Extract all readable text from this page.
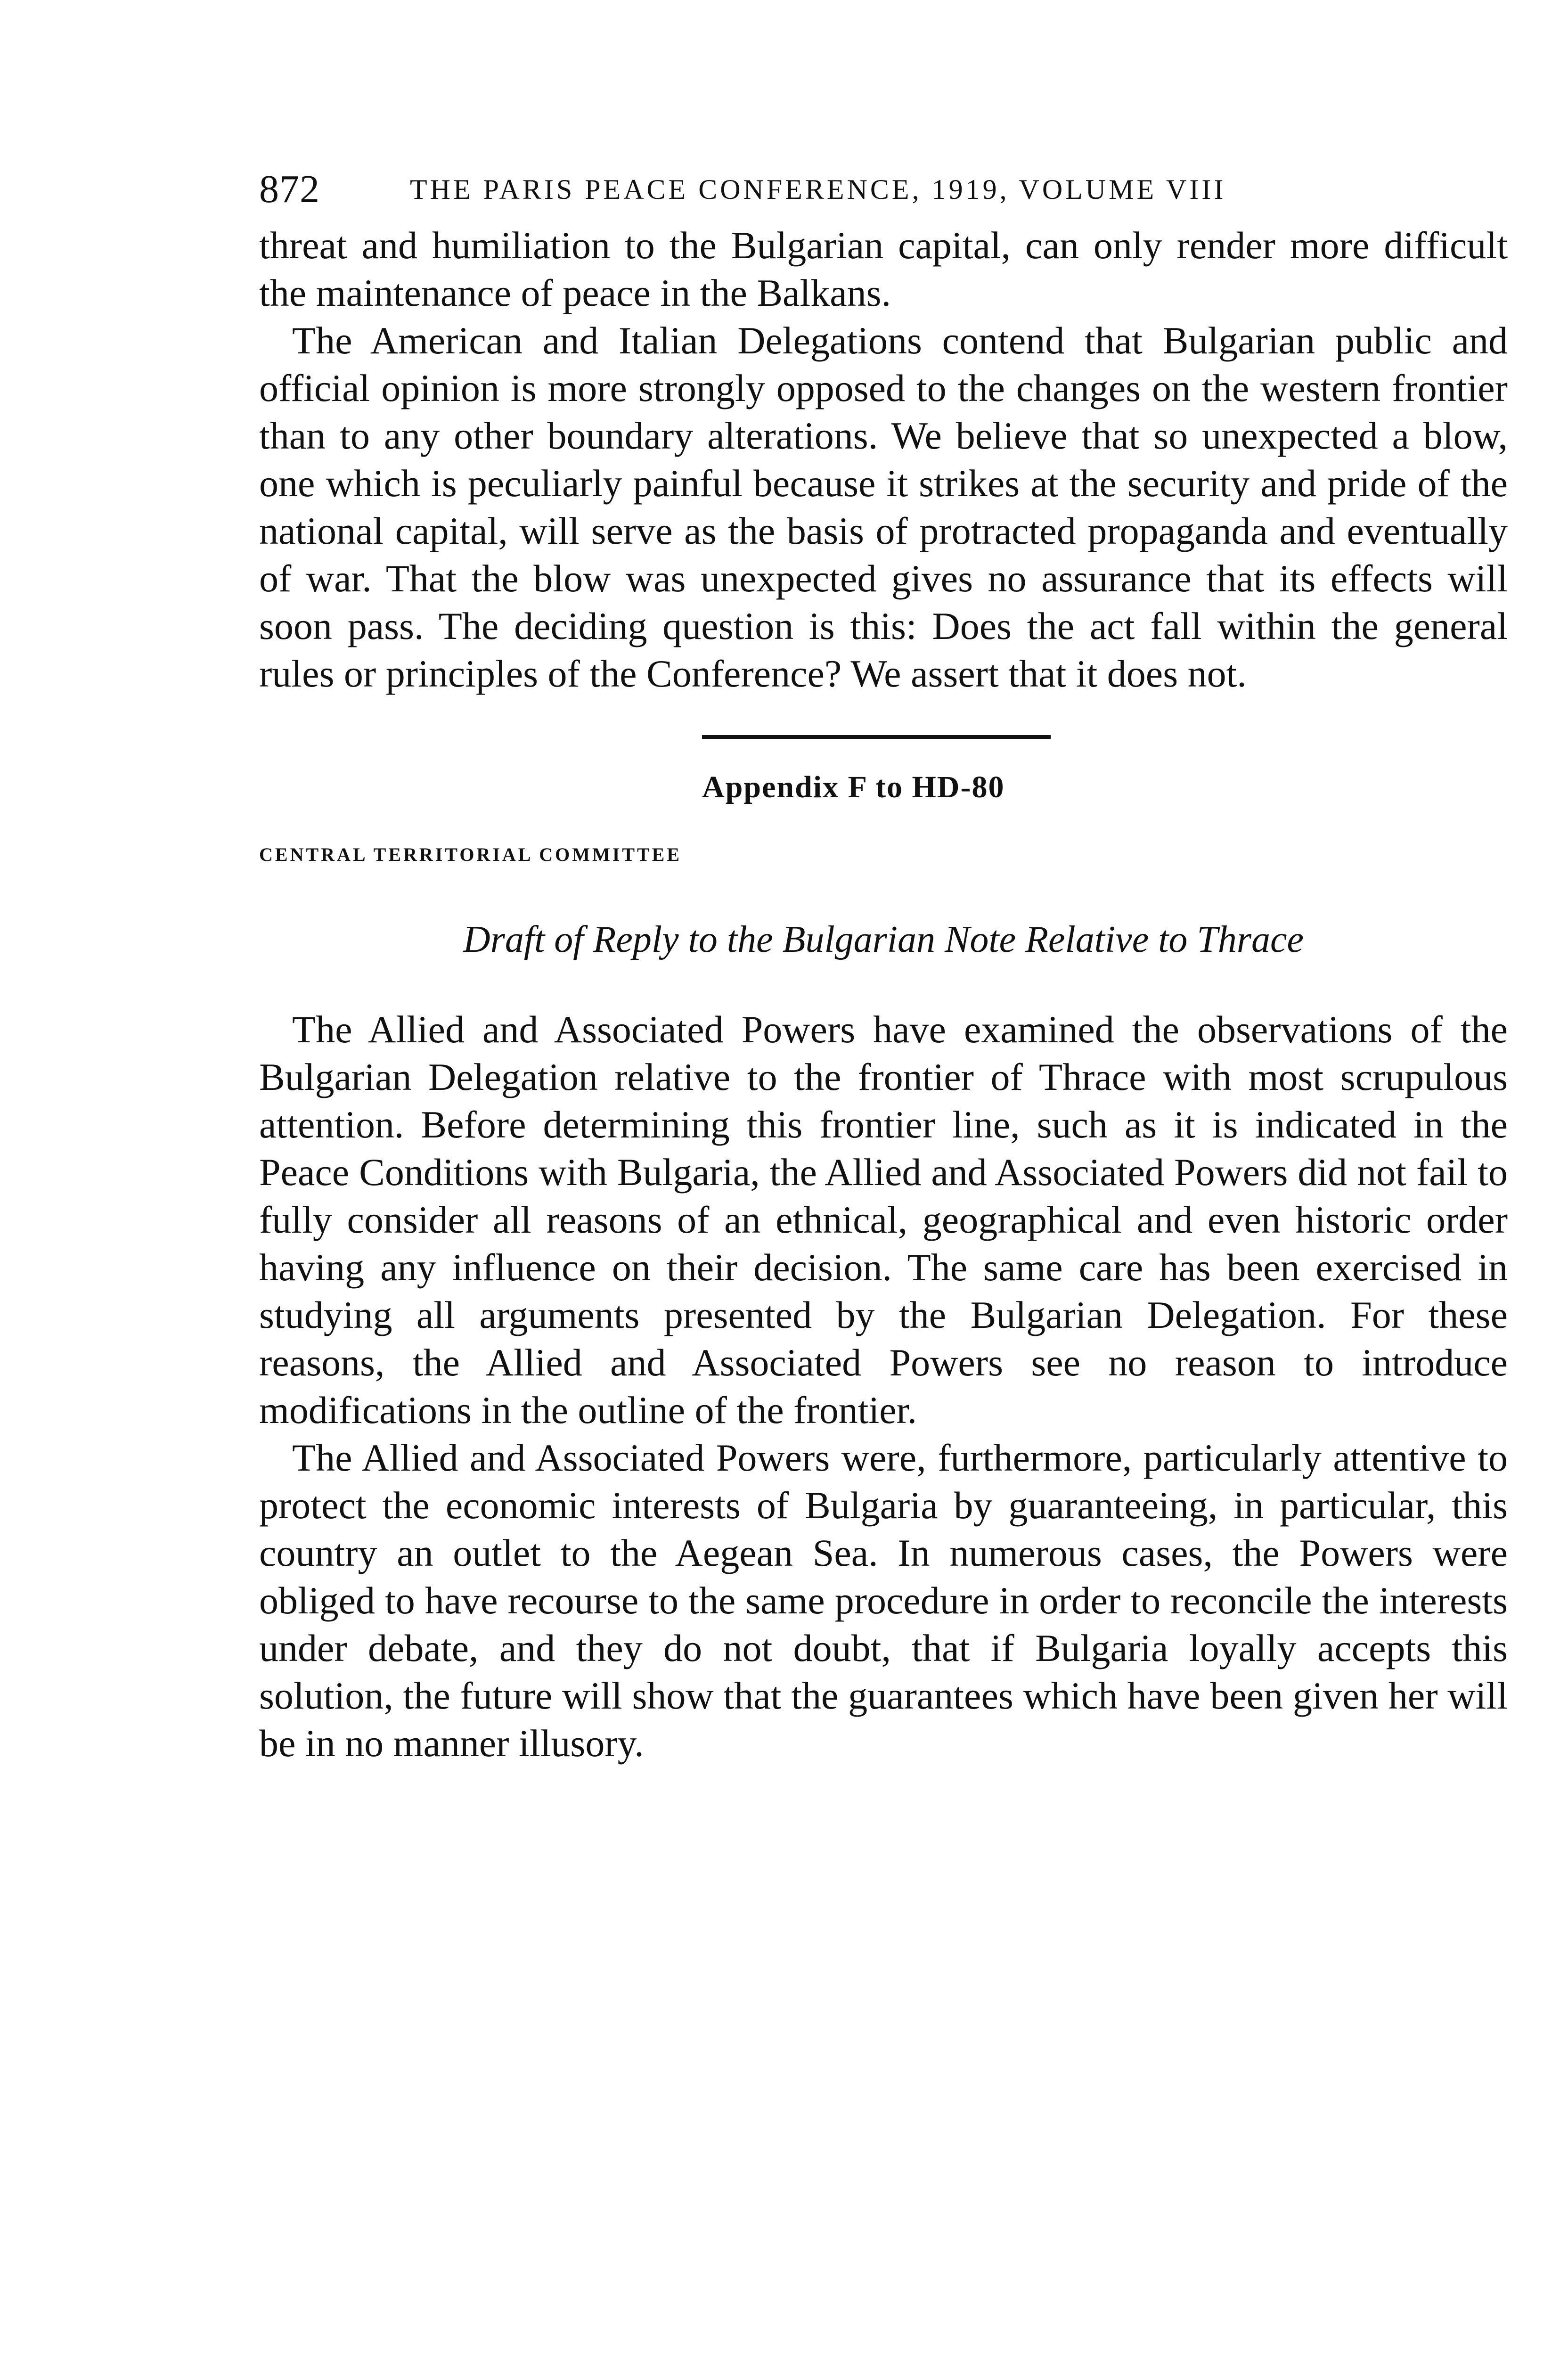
872	THE PARIS PEACE CONFERENCE, 1919, VOLUME VIII

threat and humiliation to the Bulgarian capital, can only render more difficult the maintenance of peace in the Balkans.

The American and Italian Delegations contend that Bulgarian public and official opinion is more strongly opposed to the changes on the western frontier than to any other boundary alterations. We believe that so unexpected a blow, one which is peculiarly painful because it strikes at the security and pride of the national capital, will serve as the basis of protracted propaganda and eventually of war. That the blow was unexpected gives no assurance that its effects will soon pass. The deciding question is this: Does the act fall within the general rules or principles of the Conference? We assert that it does not.

Appendix F to HD-80
CENTRAL TERRITORIAL COMMITTEE
Draft of Reply to the Bulgarian Note Relative to Thrace

The Allied and Associated Powers have examined the observations of the Bulgarian Delegation relative to the frontier of Thrace with most scrupulous attention. Before determining this frontier line, such as it is indicated in the Peace Conditions with Bulgaria, the Allied and Associated Powers did not fail to fully consider all reasons of an ethnical, geographical and even historic order having any influence on their decision. The same care has been exercised in studying all arguments presented by the Bulgarian Delegation. For these reasons, the Allied and Associated Powers see no reason to introduce modifications in the outline of the frontier.

The Allied and Associated Powers were, furthermore, particularly attentive to protect the economic interests of Bulgaria by guaranteeing, in particular, this country an outlet to the Aegean Sea. In numerous cases, the Powers were obliged to have recourse to the same procedure in order to reconcile the interests under debate, and they do not doubt, that if Bulgaria loyally accepts this solution, the future will show that the guarantees which have been given her will be in no manner illusory.
